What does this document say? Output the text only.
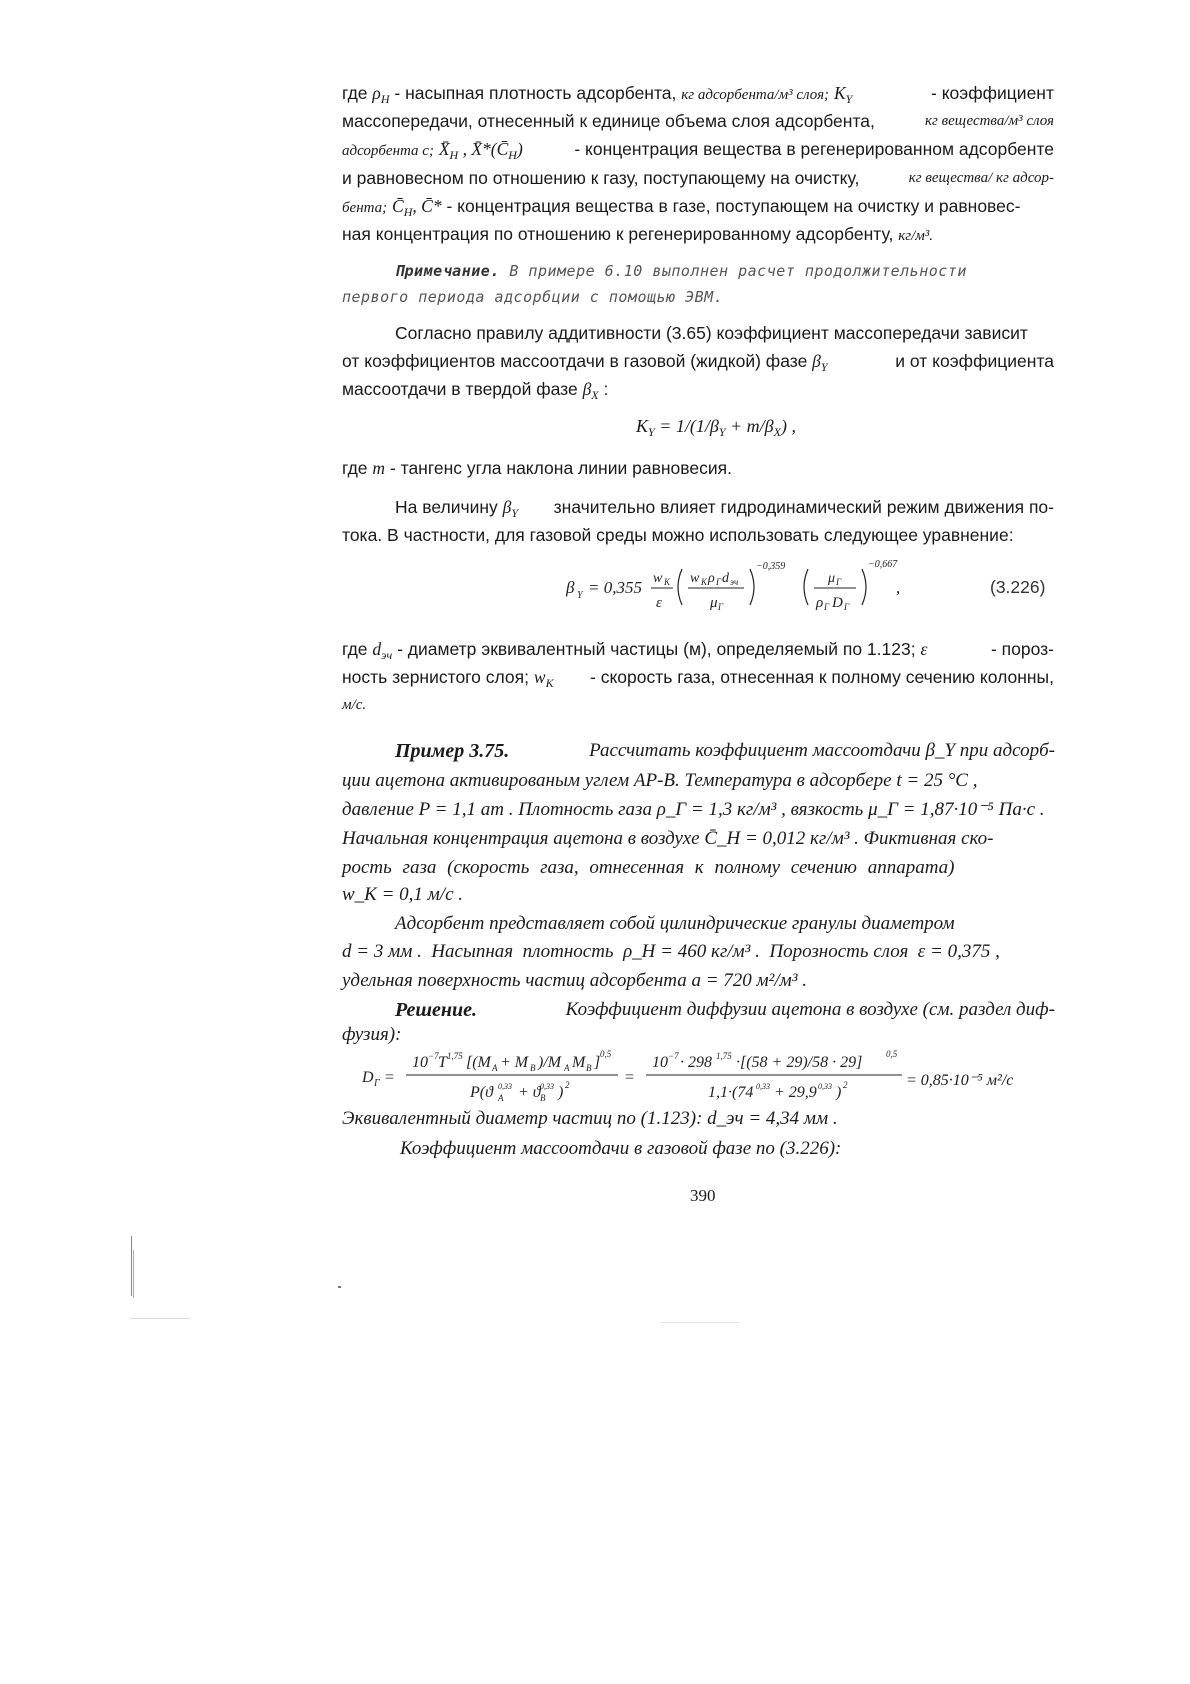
где $\rho_Н$ - насыпная плотность адсорбента, кг адсорбента/м³ слоя; $K_Y$	- коэффициент
массопередачи, отнесенный к единице объема слоя адсорбента,	кг вещества/м³ слоя
адсорбента с; $X̄_Н$ , $X̄*(C̄_Н)$	- концентрация вещества в регенерированном адсорбенте
и равновесном по отношению к газу, поступающему на очистку,	кг вещества/ кг адсор-
бента; $C̄_Н$, C̄* - концентрация вещества в газе, поступающем на очистку и равновес-
ная концентрация по отношению к регенерированному адсорбенту, кг/м³.
Примечание. В примере 6.10 выполнен расчет продолжительности
первого периода адсорбции с помощью ЭВМ.
Согласно правилу аддитивности (3.65) коэффициент массопередачи зависит
от коэффициентов массоотдачи в газовой (жидкой) фазе $\beta_Y$	и от коэффициента
массоотдачи в твердой фазе $\beta_X$ :
$K_Y = 1/(1/\beta_Y + m/\beta_X)$ ,
где m - тангенс угла наклона линии равновесия.
На величину $\beta_Y$ значительно влияет гидродинамический режим движения по-
тока. В частности, для газовой среды можно использовать следующее уравнение:
β Y = 0,355 w K
ε
w K ρ Г d эч
μ Г
−0,359
μ Г
ρ Г D Г
−0,667
,	(3.226)
где $d_{эч}$ - диаметр эквивалентный частицы (м), определяемый по 1.123; ε	- пороз-
ность зернистого слоя; $w_K$ - скорость газа, отнесенная к полному сечению колонны,
м/с.
Пример 3.75.	Рассчитать коэффициент массоотдачи β_Y при адсорб-
ции ацетона активированым углем АР-В. Температура в адсорбере t = 25 °C ,
давление P = 1,1 ат . Плотность газа ρ_Г = 1,3 кг/м³ , вязкость μ_Г = 1,87·10⁻⁵ Па·с .
Начальная концентрация ацетона в воздухе C̄_Н = 0,012 кг/м³ . Фиктивная ско-
рость газа (скорость газа, отнесенная к полному сечению аппарата)
w_K = 0,1 м/с .
Адсорбент представляет собой цилиндрические гранулы диаметром
d = 3 мм .  Насыпная  плотность  ρ_Н = 460 кг/м³ .  Порозность слоя  ε = 0,375 ,
удельная поверхность частиц адсорбента a = 720 м²/м³ .
Решение.	Коэффициент диффузии ацетона в воздухе (см. раздел диф-
фузия):
D Г =
10 −7 T 1,75 [(M A + M B )/M A M B ] 0,5
P(ϑ A
0,33 + ϑ B
0,33 ) 2	=
10 −7 · 298 1,75 ·[(58 + 29)/58 · 29]	0,5
1,1·(74 0,33 + 29,9 0,33 ) 2	= 0,85·10⁻⁵ м²/с
Эквивалентный диаметр частиц по (1.123): d_эч = 4,34 мм .
Коэффициент массоотдачи в газовой фазе по (3.226):
390
